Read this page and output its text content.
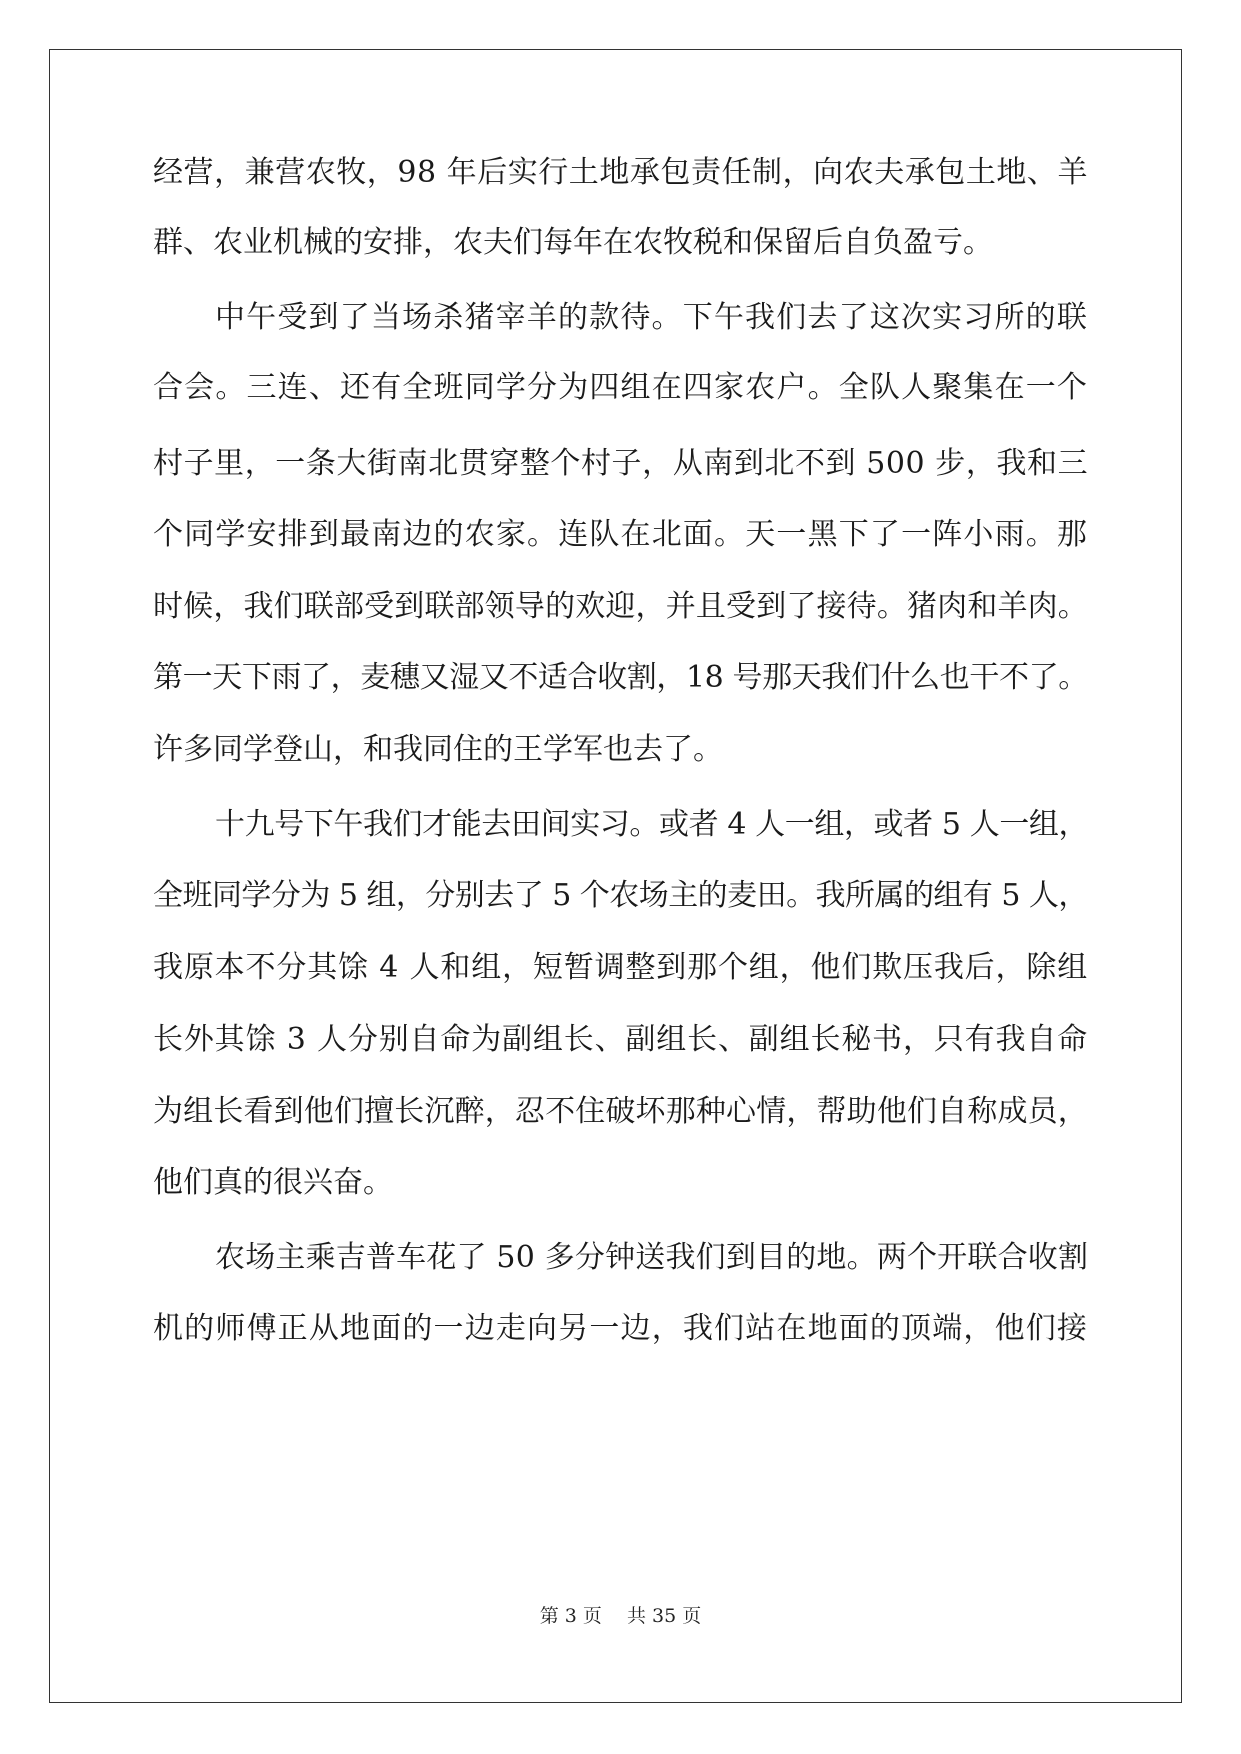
经营，兼营农牧，98 年后实行土地承包责任制，向农夫承包土地、羊
群、农业机械的安排，农夫们每年在农牧税和保留后自负盈亏。
中午受到了当场杀猪宰羊的款待。下午我们去了这次实习所的联
合会。三连、还有全班同学分为四组在四家农户。全队人聚集在一个
村子里，一条大街南北贯穿整个村子，从南到北不到 500 步，我和三
个同学安排到最南边的农家。连队在北面。天一黑下了一阵小雨。那
时候，我们联部受到联部领导的欢迎，并且受到了接待。猪肉和羊肉。
第一天下雨了，麦穗又湿又不适合收割，18 号那天我们什么也干不了。
许多同学登山，和我同住的王学军也去了。
十九号下午我们才能去田间实习。或者 4 人一组，或者 5 人一组，
全班同学分为 5 组，分别去了 5 个农场主的麦田。我所属的组有 5 人，
我原本不分其馀 4 人和组，短暂调整到那个组，他们欺压我后，除组
长外其馀 3 人分别自命为副组长、副组长、副组长秘书，只有我自命
为组长看到他们擅长沉醉，忍不住破坏那种心情，帮助他们自称成员，
他们真的很兴奋。
农场主乘吉普车花了 50 多分钟送我们到目的地。两个开联合收割
机的师傅正从地面的一边走向另一边，我们站在地面的顶端，他们接
第 3 页　 共 35 页
